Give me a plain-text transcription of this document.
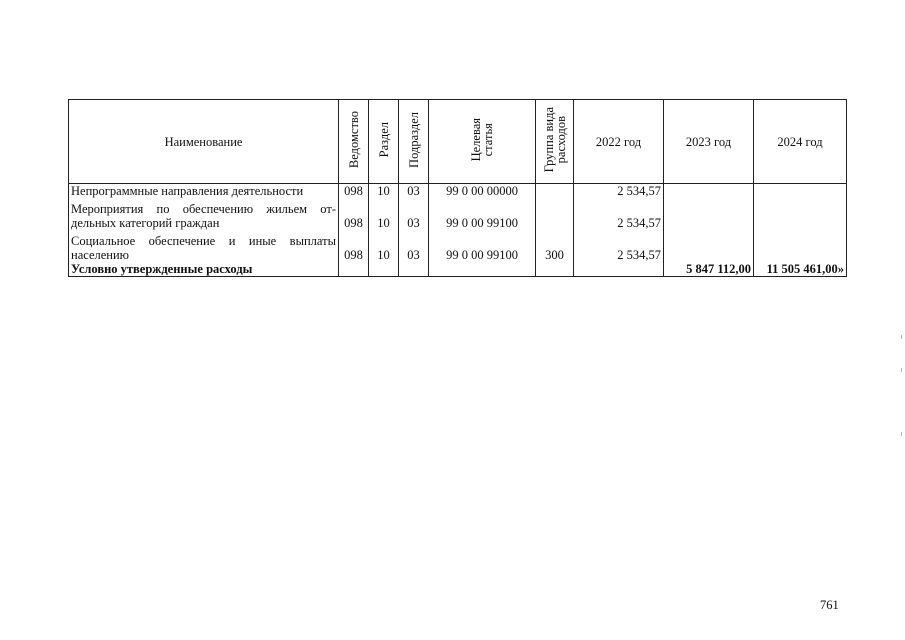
Наименование	Ведомство	Раздел	Подраздел	Целевая
статья	Группа вида
расходов	2022 год	2023 год	2024 год
Непрограммные направления деятельности	098	10	03	99 0 00 00000		2 534,57		
Мероприятия по обеспечению жильем от-дельных категорий граждан	098	10	03	99 0 00 99100		2 534,57		
Социальное обеспечение и иные выплаты населению	098	10	03	99 0 00 99100	300	2 534,57		
Условно утвержденные расходы							5 847 112,00	11 505 461,00»
761
